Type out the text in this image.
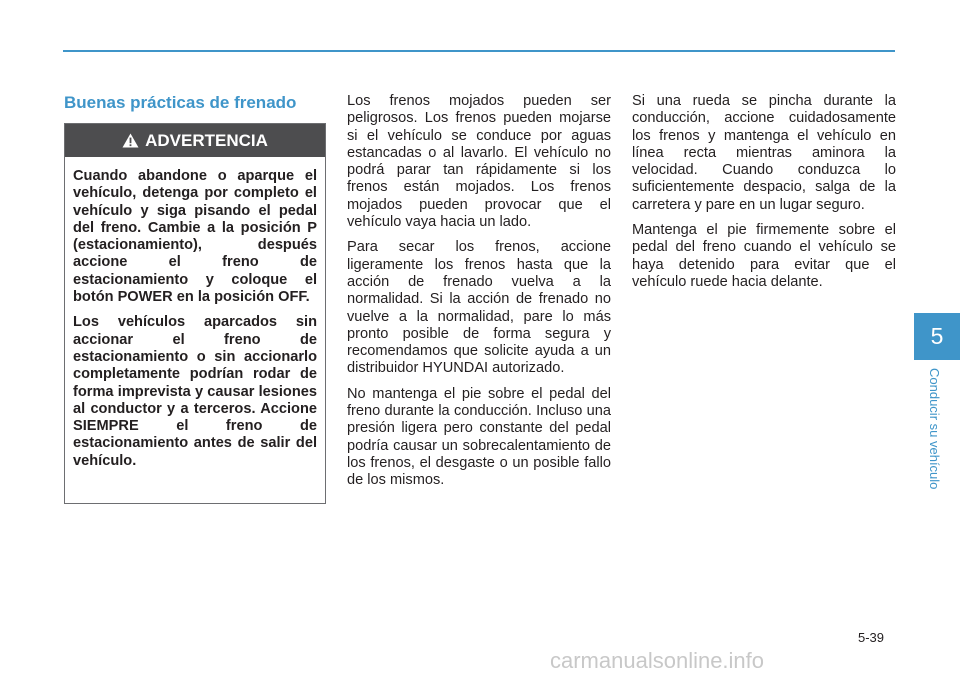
Buenas prácticas de frenado
ADVERTENCIA

Cuando abandone o aparque el vehículo, detenga por completo el vehículo y siga pisando el pedal del freno. Cambie a la posición P (estacionamiento), después accione el freno de estacionamiento y coloque el botón POWER en la posición OFF.

Los vehículos aparcados sin accionar el freno de estacionamiento o sin accionarlo completamente podrían rodar de forma imprevista y causar lesiones al conductor y a terceros. Accione SIEMPRE el freno de estacionamiento antes de salir del vehículo.

Los frenos mojados pueden ser peligrosos. Los frenos pueden mojarse si el vehículo se conduce por aguas estancadas o al lavarlo. El vehículo no podrá parar tan rápidamente si los frenos están mojados. Los frenos mojados pueden provocar que el vehículo vaya hacia un lado.

Para secar los frenos, accione ligeramente los frenos hasta que la acción de frenado vuelva a la normalidad. Si la acción de frenado no vuelve a la normalidad, pare lo más pronto posible de forma segura y recomendamos que solicite ayuda a un distribuidor HYUNDAI autorizado.

No mantenga el pie sobre el pedal del freno durante la conducción. Incluso una presión ligera pero constante del pedal podría causar un sobrecalentamiento de los frenos, el desgaste o un posible fallo de los mismos.

Si una rueda se pincha durante la conducción, accione cuidadosamente los frenos y mantenga el vehículo en línea recta mientras aminora la velocidad. Cuando conduzca lo suficientemente despacio, salga de la carretera y pare en un lugar seguro.

Mantenga el pie firmemente sobre el pedal del freno cuando el vehículo se haya detenido para evitar que el vehículo ruede hacia delante.

5
Conducir su vehículo
5-39
carmanualsonline.info
